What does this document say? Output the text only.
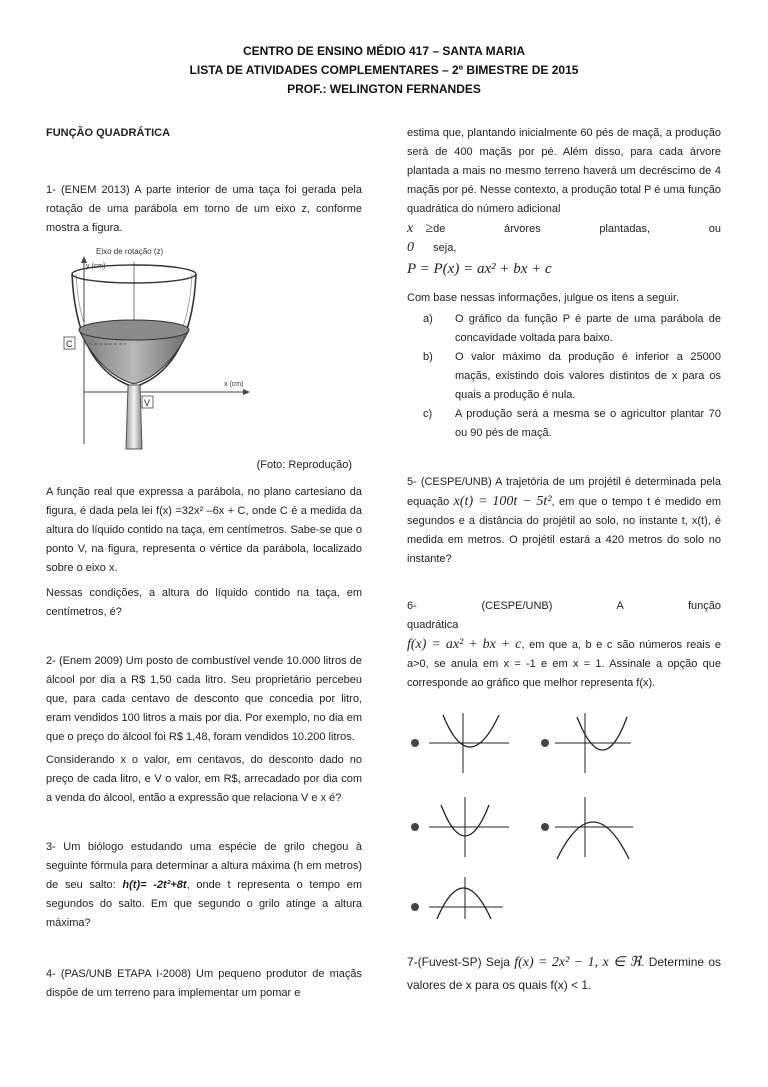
CENTRO DE ENSINO MÉDIO 417 – SANTA MARIA
LISTA DE ATIVIDADES COMPLEMENTARES – 2º BIMESTRE DE 2015
PROF.: WELINGTON FERNANDES

FUNÇÃO QUADRÁTICA

1- (ENEM 2013) A parte interior de uma taça foi gerada pela rotação de uma parábola em torno de um eixo z, conforme mostra a figura.

C
V
Eixo de rotação (z)
y (cm)
x (cm)

(Foto: Reprodução)

A função real que expressa a parábola, no plano cartesiano da figura, é dada pela lei f(x) =32x² –6x + C, onde C é a medida da altura do líquido contido na taça, em centímetros. Sabe-se que o ponto V, na figura, representa o vértice da parábola, localizado sobre o eixo x.

Nessas condições, a altura do líquido contido na taça, em centímetros, é?

2- (Enem 2009) Um posto de combustível vende 10.000 litros de álcool por dia a R$ 1,50 cada litro. Seu proprietário percebeu que, para cada centavo de desconto que concedia por litro, eram vendidos 100 litros a mais por dia. Por exemplo, no dia em que o preço do álcool foi R$ 1,48, foram vendidos 10.200 litros.

Considerando x o valor, em centavos, do desconto dado no preço de cada litro, e V o valor, em R$, arrecadado por dia com a venda do álcool, então a expressão que relaciona V e x é?

3- Um biólogo estudando uma espécie de grilo chegou à seguinte fórmula para determinar a altura máxima (h em metros) de seu salto: h(t)= -2t²+8t, onde t representa o tempo em segundos do salto. Em que segundo o grilo atinge a altura máxima?

4- (PAS/UNB ETAPA I-2008) Um pequeno produtor de maçãs dispõe de um terreno para implementar um pomar e

estima que, plantando inicialmente 60 pés de maçã, a produção será de 400 maçãs por pé. Além disso, para cada árvore plantada a mais no mesmo terreno haverá um decréscimo de 4 maçãs por pé. Nesse contexto, a produção total P é uma função quadrática do número adicional
x ≥ 0
de árvores plantadas, ou seja,

P = P(x) = ax² + bx + c

Com base nessas informações, julgue os itens a seguir.

a)	O gráfico da função P é parte de uma parábola de concavidade voltada para baixo.
b)	O valor máximo da produção é inferior a 25000 maçãs, existindo dois valores distintos de x para os quais a produção é nula.
c)	A produção será a mesma se o agricultor plantar 70 ou 90 pés de maçã.

5- (CESPE/UNB) A trajetória de um projétil é determinada pela equação x(t) = 100t − 5t², em que o tempo t é medido em segundos e a distância do projétil ao solo, no instante t, x(t), é medida em metros. O projétil estará a 420 metros do solo no instante?

6- (CESPE/UNB) A função quadrática
f(x) = ax² + bx + c, em que a, b e c são números reais e a>0, se anula em x = -1 e em x = 1. Assinale a opção que corresponde ao gráfico que melhor representa f(x).

7-(Fuvest-SP) Seja f(x) = 2x² − 1, x ∈ ℜ. Determine os valores de x para os quais f(x) < 1.
